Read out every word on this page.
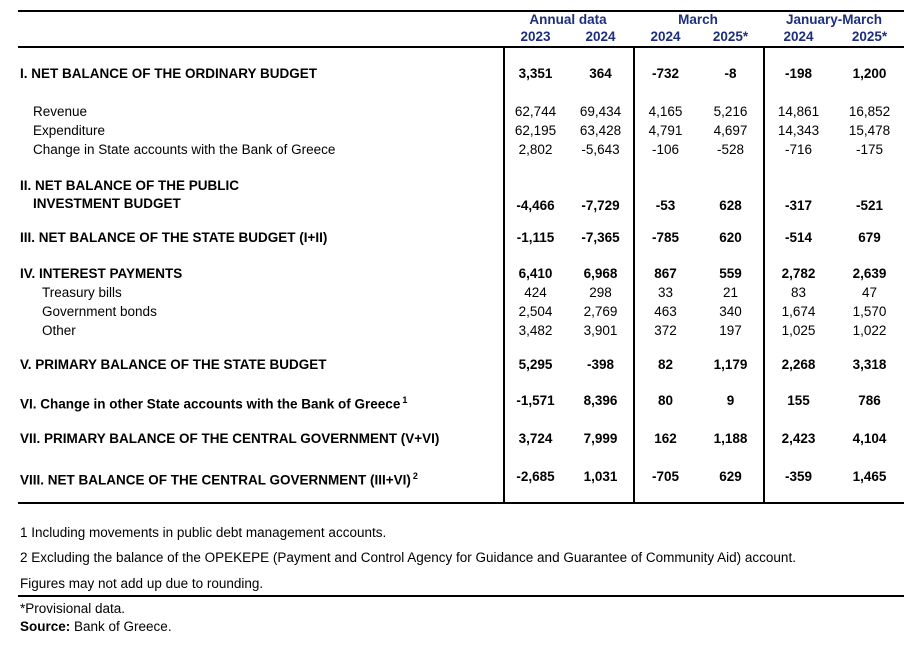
Annual data	March	January-March
2023	2024	2024	2025*	2024	2025*
I. NET BALANCE OF THE ORDINARY BUDGET	3,351	364	-732	-8	-198	1,200
Revenue	62,744	69,434	4,165	5,216	14,861	16,852
Expenditure	62,195	63,428	4,791	4,697	14,343	15,478
Change in State accounts with the Bank of Greece	2,802	-5,643	-106	-528	-716	-175
II. NET BALANCE OF THE PUBLIC
INVESTMENT BUDGET	-4,466	-7,729	-53	628	-317	-521
III. NET BALANCE OF THE STATE BUDGET (I+II)	-1,115	-7,365	-785	620	-514	679
IV. INTEREST PAYMENTS	6,410	6,968	867	559	2,782	2,639
Treasury bills	424	298	33	21	83	47
Government bonds	2,504	2,769	463	340	1,674	1,570
Other	3,482	3,901	372	197	1,025	1,022
V. PRIMARY BALANCE OF THE STATE BUDGET	5,295	-398	82	1,179	2,268	3,318
VI. Change in other State accounts with the Bank of Greece $^1$	-1,571	8,396	80	9	155	786
VII. PRIMARY BALANCE OF THE CENTRAL GOVERNMENT (V+VI)	3,724	7,999	162	1,188	2,423	4,104
VIII. NET BALANCE OF THE CENTRAL GOVERNMENT (III+VI) $^2$	-2,685	1,031	-705	629	-359	1,465
1 Including movements in public debt management accounts.
2 Excluding the balance of the OPEKEPE (Payment and Control Agency for Guidance and Guarantee of Community Aid) account.
Figures may not add up due to rounding.
*Provisional data.
Source: Bank of Greece.
